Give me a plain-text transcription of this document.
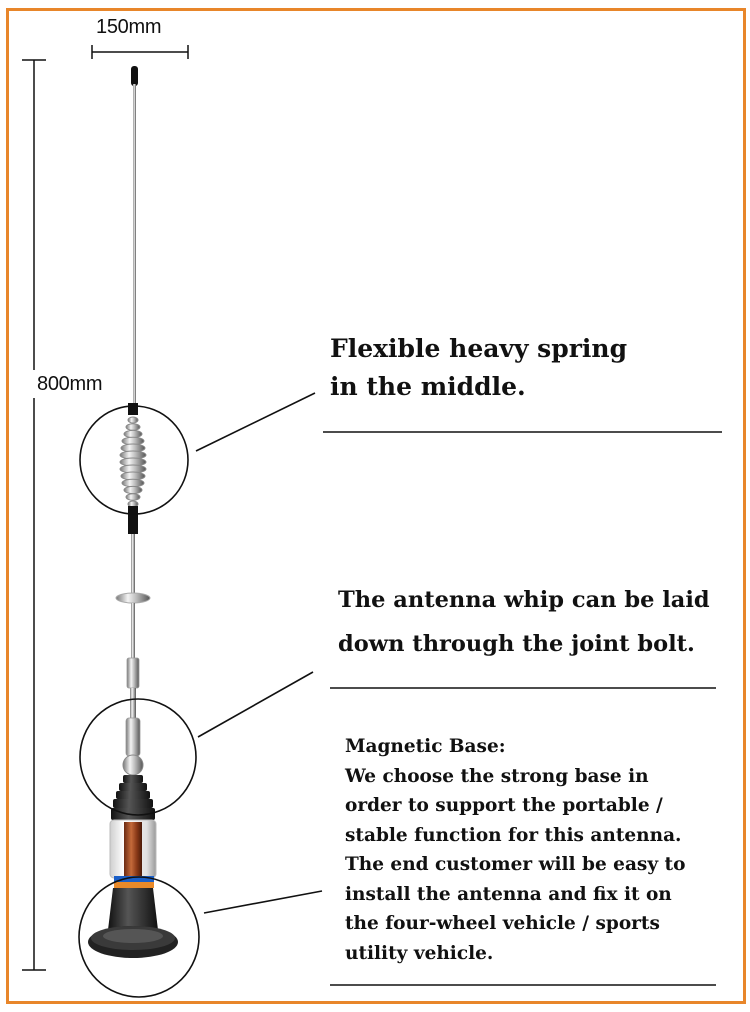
150mm
800mm
Flexible heavy spring
in the middle.
The antenna whip can be laid
down through the joint bolt.
Magnetic Base:
We choose the strong base in
order to support the portable /
stable function for this antenna.
The end customer will be easy to
install the antenna and fix it on
the four-wheel vehicle / sports
utility vehicle.
